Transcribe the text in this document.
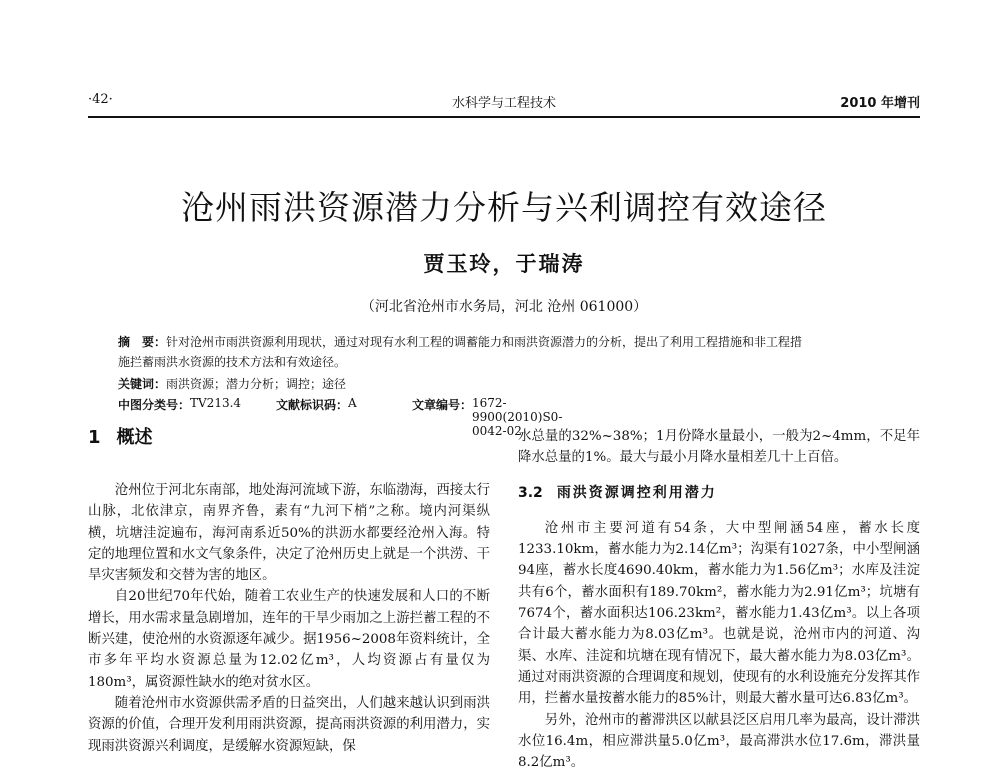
·42·	水科学与工程技术	2010 年增刊
沧州雨洪资源潜力分析与兴利调控有效途径
贾玉玲，于瑞涛
（河北省沧州市水务局，河北 沧州 061000）
摘　要：针对沧州市雨洪资源利用现状，通过对现有水利工程的调蓄能力和雨洪资源潜力的分析，提出了利用工程措施和非工程措
施拦蓄雨洪水资源的技术方法和有效途径。
关键词：雨洪资源；潜力分析；调控；途径
中图分类号： TV213.4	文献标识码： A	文章编号： 1672-9900(2010)S0-0042-02
1 概述

沧州位于河北东南部，地处海河流域下游，东临渤海，西接太行山脉，北依津京，南界齐鲁，素有“九河下梢”之称。境内河渠纵横，坑塘洼淀遍布，海河南系近50%的洪沥水都要经沧州入海。特定的地理位置和水文气象条件，决定了沧州历史上就是一个洪涝、干旱灾害频发和交替为害的地区。

自20世纪70年代始，随着工农业生产的快速发展和人口的不断增长，用水需求量急剧增加，连年的干旱少雨加之上游拦蓄工程的不断兴建，使沧州的水资源逐年减少。据1956~2008年资料统计，全市多年平均水资源总量为12.02亿m³，人均资源占有量仅为180m³，属资源性缺水的绝对贫水区。

随着沧州市水资源供需矛盾的日益突出，人们越来越认识到雨洪资源的价值，合理开发利用雨洪资源，提高雨洪资源的利用潜力，实现雨洪资源兴利调度，是缓解水资源短缺，保

水总量的32%~38%；1月份降水量最小，一般为2~4mm，不足年降水总量的1%。最大与最小月降水量相差几十上百倍。

3.2 雨洪资源调控利用潜力

沧州市主要河道有54条，大中型闸涵54座，蓄水长度1233.10km，蓄水能力为2.14亿m³；沟渠有1027条，中小型闸涵94座，蓄水长度4690.40km，蓄水能力为1.56亿m³；水库及洼淀共有6个，蓄水面积有189.70km²，蓄水能力为2.91亿m³；坑塘有7674个，蓄水面积达106.23km²，蓄水能力1.43亿m³。以上各项合计最大蓄水能力为8.03亿m³。也就是说，沧州市内的河道、沟渠、水库、洼淀和坑塘在现有情况下，最大蓄水能力为8.03亿m³。通过对雨洪资源的合理调度和规划，使现有的水利设施充分发挥其作用，拦蓄水量按蓄水能力的85%计，则最大蓄水量可达6.83亿m³。

另外，沧州市的蓄滞洪区以献县泛区启用几率为最高，设计滞洪水位16.4m，相应滞洪量5.0亿m³，最高滞洪水位17.6m，滞洪量8.2亿m³。
